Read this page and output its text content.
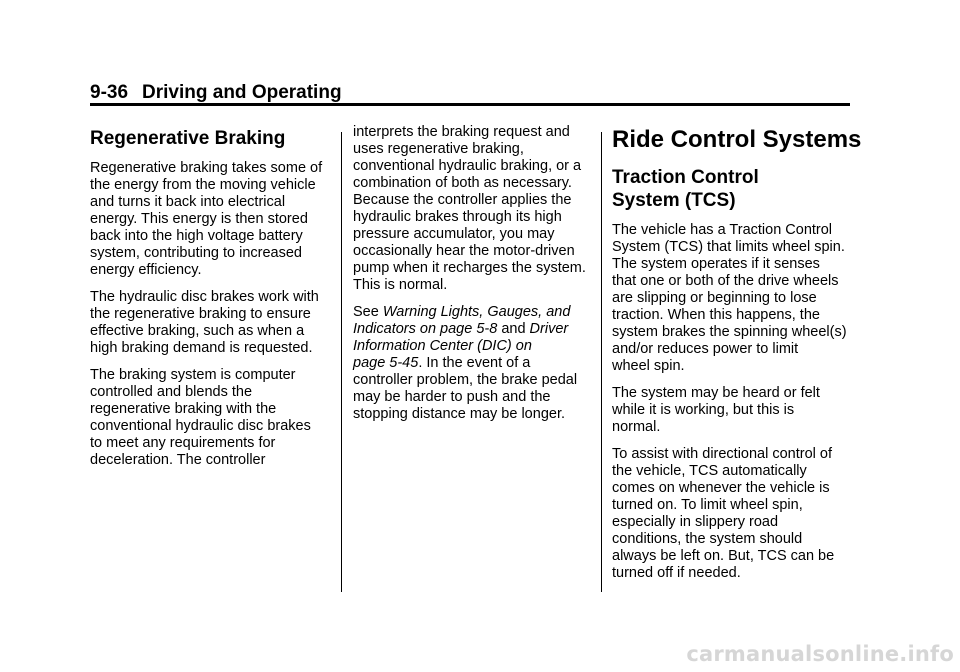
9-36 Driving and Operating
Regenerative Braking

Regenerative braking takes some of
the energy from the moving vehicle
and turns it back into electrical
energy. This energy is then stored
back into the high voltage battery
system, contributing to increased
energy efficiency.

The hydraulic disc brakes work with
the regenerative braking to ensure
effective braking, such as when a
high braking demand is requested.

The braking system is computer
controlled and blends the
regenerative braking with the
conventional hydraulic disc brakes
to meet any requirements for
deceleration. The controller

interprets the braking request and
uses regenerative braking,
conventional hydraulic braking, or a
combination of both as necessary.
Because the controller applies the
hydraulic brakes through its high
pressure accumulator, you may
occasionally hear the motor-driven
pump when it recharges the system.
This is normal.

See Warning Lights, Gauges, and
Indicators on page 5-8 and Driver
Information Center (DIC) on
page 5-45. In the event of a
controller problem, the brake pedal
may be harder to push and the
stopping distance may be longer.

Ride Control Systems
Traction Control
System (TCS)

The vehicle has a Traction Control
System (TCS) that limits wheel spin.
The system operates if it senses
that one or both of the drive wheels
are slipping or beginning to lose
traction. When this happens, the
system brakes the spinning wheel(s)
and/or reduces power to limit
wheel spin.

The system may be heard or felt
while it is working, but this is
normal.

To assist with directional control of
the vehicle, TCS automatically
comes on whenever the vehicle is
turned on. To limit wheel spin,
especially in slippery road
conditions, the system should
always be left on. But, TCS can be
turned off if needed.

carmanualsonline.info
